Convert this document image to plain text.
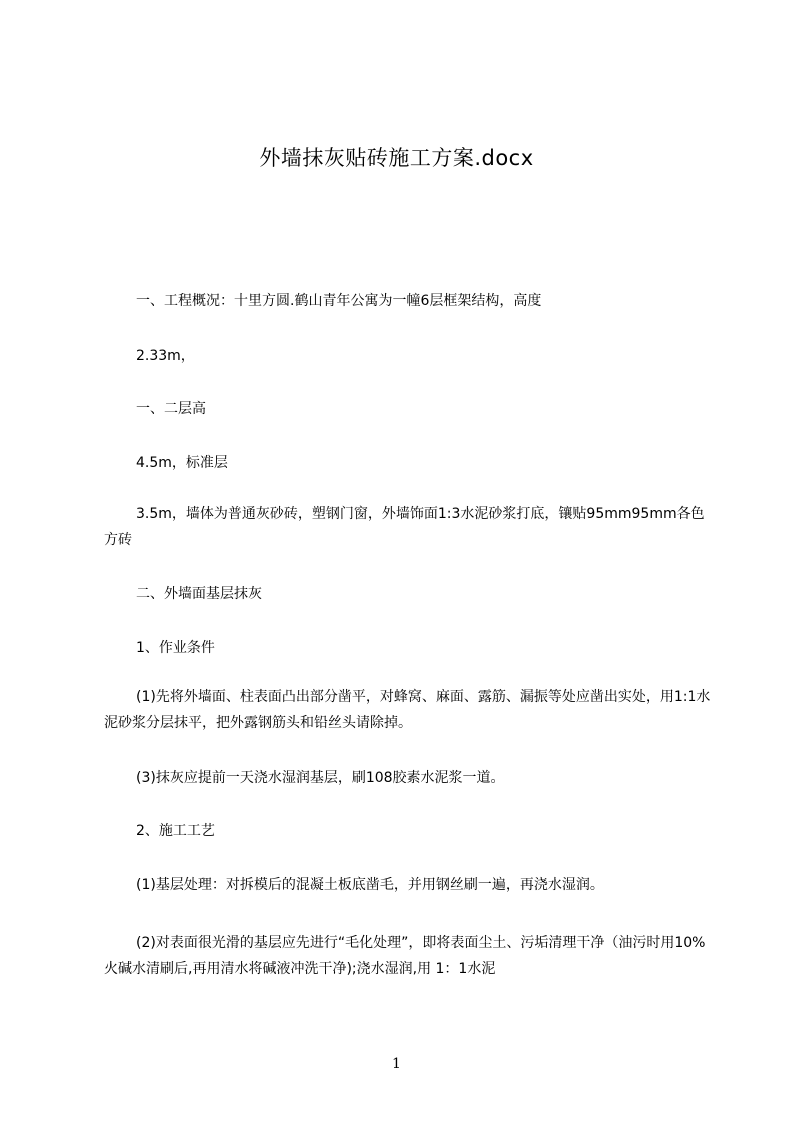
外墙抹灰贴砖施工方案.docx
一、工程概况：十里方圆.鹤山青年公寓为一幢6层框架结构，高度
2.33m，
一、二层高
4.5m，标准层
3.5m，墙体为普通灰砂砖，塑钢门窗，外墙饰面1:3水泥砂浆打底，镶贴95mm95mm各色方砖
二、外墙面基层抹灰
1、作业条件
(1)先将外墙面、柱表面凸出部分凿平，对蜂窝、麻面、露筋、漏振等处应凿出实处，用1:1水泥砂浆分层抹平，把外露钢筋头和铅丝头请除掉。
(3)抹灰应提前一天浇水湿润基层，刷108胶素水泥浆一道。
2、施工工艺
(1)基层处理：对拆模后的混凝土板底凿毛，并用钢丝刷一遍，再浇水湿润。
(2)对表面很光滑的基层应先进行“毛化处理”，即将表面尘土、污垢清理干净（油污时用10%火碱水清刷后,再用清水将碱液冲洗干净);浇水湿润,用 1：1水泥
1
